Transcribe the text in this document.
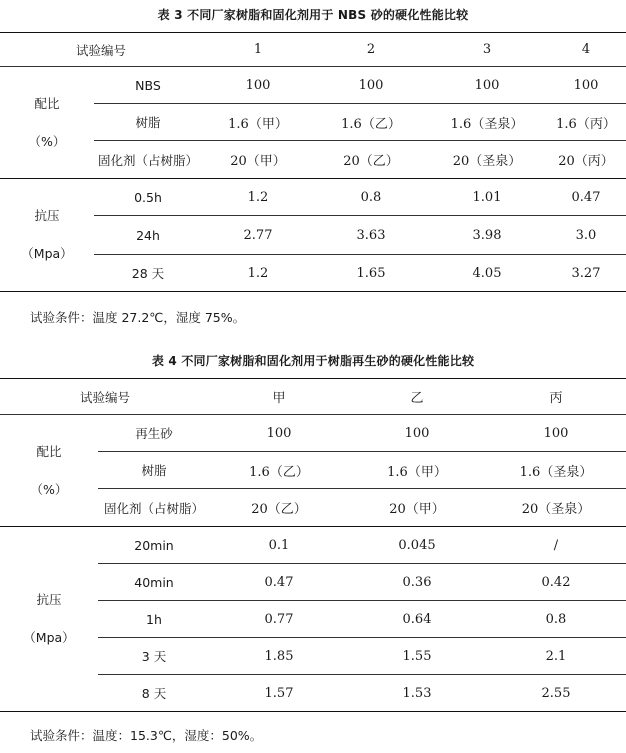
表 3 不同厂家树脂和固化剂用于 NBS 砂的硬化性能比较
试验编号		1	2	3	4
配比
（%）	NBS	100	100	100	100
	树脂	1.6（甲）	1.6（乙）	1.6（圣泉）	1.6（丙）
	固化剂（占树脂）	20（甲）	20（乙）	20（圣泉）	20（丙）
抗压
（Mpa）	0.5h	1.2	0.8	1.01	0.47
	24h	2.77	3.63	3.98	3.0
	28 天	1.2	1.65	4.05	3.27
试验条件：温度 27.2℃，湿度 75%。
表 4 不同厂家树脂和固化剂用于树脂再生砂的硬化性能比较
试验编号		甲	乙	丙
配比
（%）	再生砂	100	100	100
	树脂	1.6（乙）	1.6（甲）	1.6（圣泉）
	固化剂（占树脂）	20（乙）	20（甲）	20（圣泉）
抗压
（Mpa）	20min	0.1	0.045	/
	40min	0.47	0.36	0.42
	1h	0.77	0.64	0.8
	3 天	1.85	1.55	2.1
	8 天	1.57	1.53	2.55
试验条件：温度：15.3℃，湿度：50%。
